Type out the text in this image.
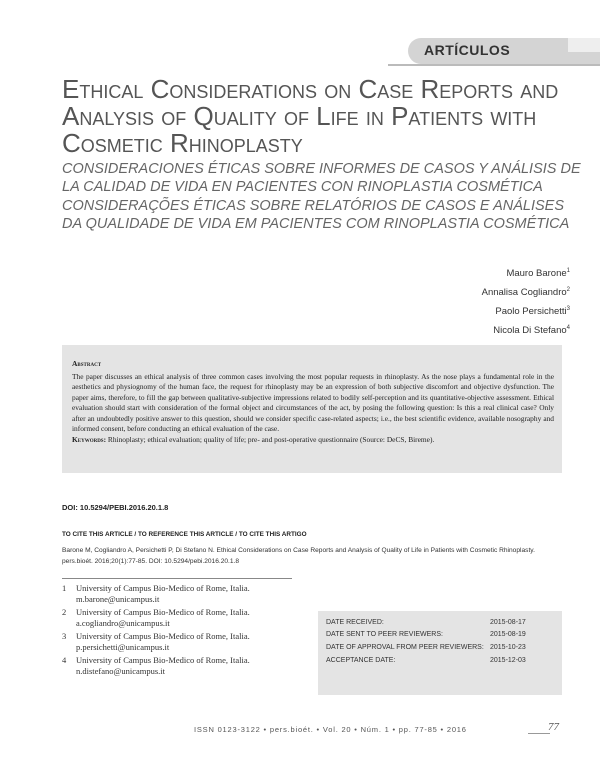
ARTÍCULOS
Ethical Considerations on Case Reports and Analysis of Quality of Life in Patients with Cosmetic Rhinoplasty
CONSIDERACIONES ÉTICAS SOBRE INFORMES DE CASOS Y ANÁLISIS DE LA CALIDAD DE VIDA EN PACIENTES CON RINOPLASTIA COSMÉTICA
CONSIDERAÇÕES ÉTICAS SOBRE RELATÓRIOS DE CASOS E ANÁLISES DA QUALIDADE DE VIDA EM PACIENTES COM RINOPLASTIA COSMÉTICA
Mauro Barone$^1$
Annalisa Cogliandro$^2$
Paolo Persichetti$^3$
Nicola Di Stefano$^4$
Abstract
The paper discusses an ethical analysis of three common cases involving the most popular requests in rhinoplasty. As the nose plays a fundamental role in the aesthetics and physiognomy of the human face, the request for rhinoplasty may be an expression of both subjective discomfort and objective dysfunction. The paper aims, therefore, to fill the gap between qualitative-subjective impressions related to bodily self-perception and its quantitative-objective assessment. Ethical evaluation should start with consideration of the formal object and circumstances of the act, by posing the following question: Is this a real clinical case? Only after an undoubtedly positive answer to this question, should we consider specific case-related aspects; i.e., the best scientific evidence, available nosography and informed consent, before conducting an ethical evaluation of the case.
Keywords: Rhinoplasty; ethical evaluation; quality of life; pre- and post-operative questionnaire (Source: DeCS, Bireme).
DOI: 10.5294/PEBI.2016.20.1.8
TO CITE THIS ARTICLE / TO REFERENCE THIS ARTICLE / TO CITE THIS ARTIGO
Barone M, Cogliandro A, Persichetti P, Di Stefano N. Ethical Considerations on Case Reports and Analysis of Quality of Life in Patients with Cosmetic Rhinoplasty. pers.bioét. 2016;20(1):77-85. DOI: 10.5294/pebi.2016.20.1.8
1	University of Campus Bio-Medico of Rome, Italia.
m.barone@unicampus.it
2	University of Campus Bio-Medico of Rome, Italia.
a.cogliandro@unicampus.it
3	University of Campus Bio-Medico of Rome, Italia.
p.persichetti@unicampus.it
4	University of Campus Bio-Medico of Rome, Italia.
n.distefano@unicampus.it
DATE RECEIVED:	2015-08-17
DATE SENT TO PEER REVIEWERS:	2015-08-19
DATE OF APPROVAL FROM PEER REVIEWERS: 2015-10-23
ACCEPTANCE DATE:	2015-12-03
ISSN 0123-3122 • pers.bioét. • Vol. 20 • Núm. 1 • pp. 77-85 • 2016	77
